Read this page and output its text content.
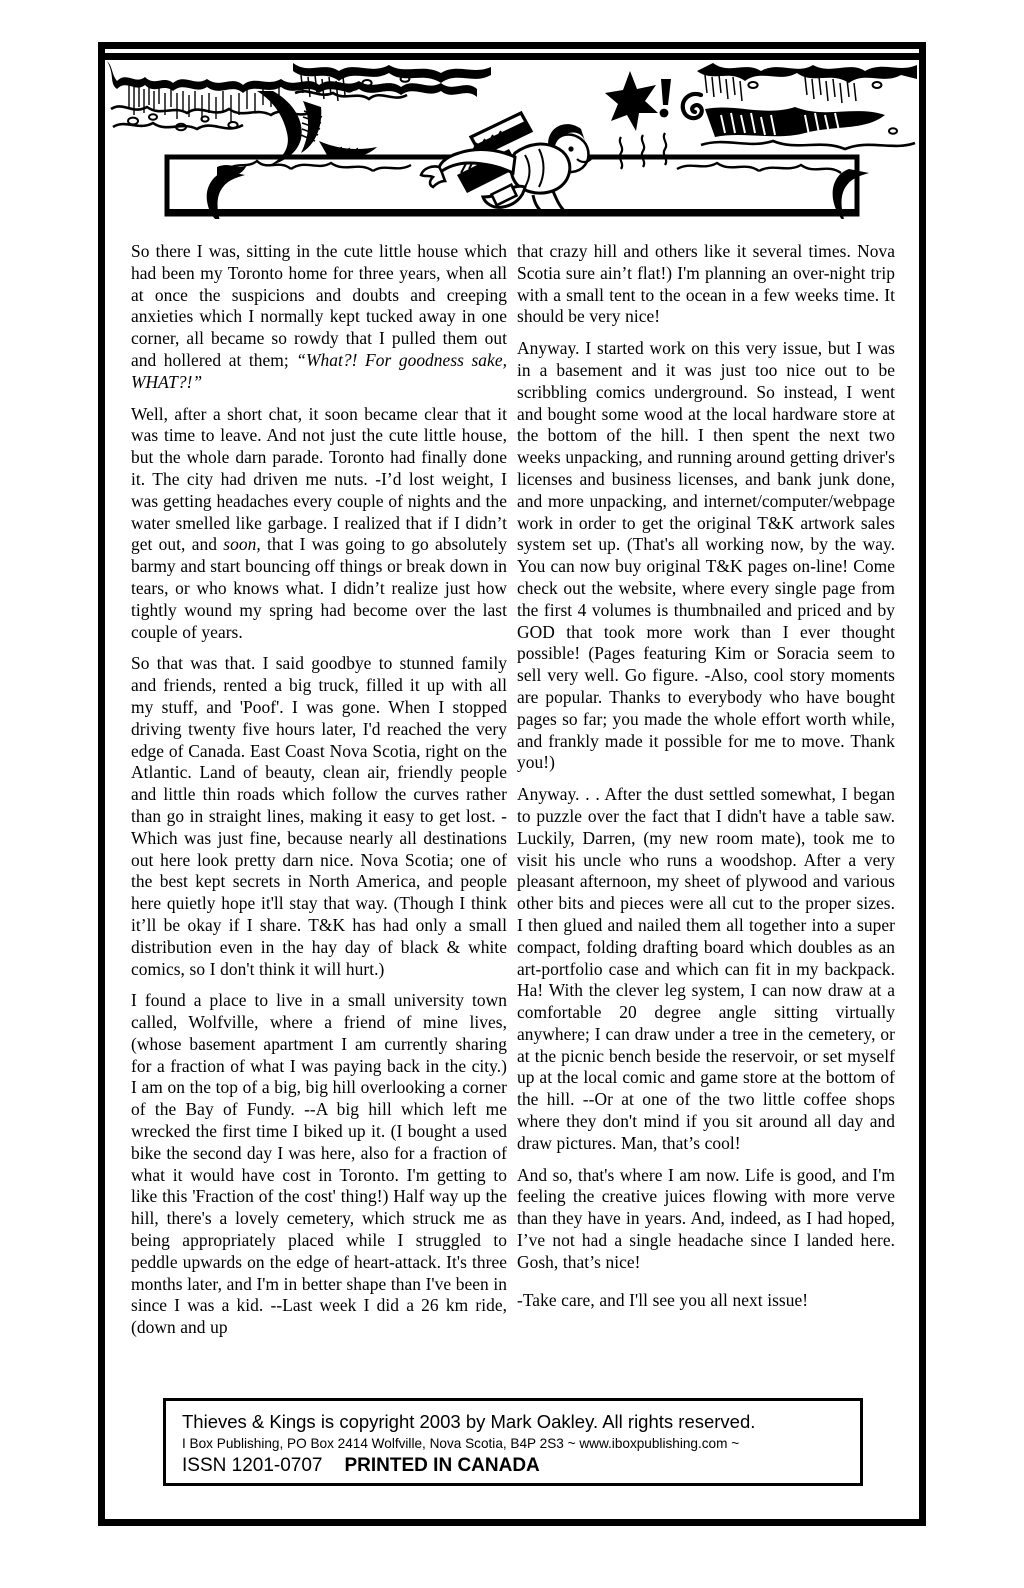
So there I was, sitting in the cute little house which had been my Toronto home for three years, when all at once the suspicions and doubts and creeping anxieties which I normally kept tucked away in one corner, all became so rowdy that I pulled them out and hollered at them; “What?! For goodness sake, WHAT?!”

Well, after a short chat, it soon became clear that it was time to leave. And not just the cute little house, but the whole darn parade. Toronto had finally done it. The city had driven me nuts. -I’d lost weight, I was getting headaches every couple of nights and the water smelled like garbage. I realized that if I didn’t get out, and soon, that I was going to go absolutely barmy and start bouncing off things or break down in tears, or who knows what. I didn’t realize just how tightly wound my spring had become over the last couple of years.

So that was that. I said goodbye to stunned family and friends, rented a big truck, filled it up with all my stuff, and 'Poof'. I was gone. When I stopped driving twenty five hours later, I'd reached the very edge of Canada. East Coast Nova Scotia, right on the Atlantic. Land of beauty, clean air, friendly people and little thin roads which follow the curves rather than go in straight lines, making it easy to get lost. -Which was just fine, because nearly all destinations out here look pretty darn nice. Nova Scotia; one of the best kept secrets in North America, and people here quietly hope it'll stay that way. (Though I think it’ll be okay if I share. T&K has had only a small distribution even in the hay day of black & white comics, so I don't think it will hurt.)

I found a place to live in a small university town called, Wolfville, where a friend of mine lives, (whose basement apartment I am currently sharing for a fraction of what I was paying back in the city.) I am on the top of a big, big hill overlooking a corner of the Bay of Fundy. --A big hill which left me wrecked the first time I biked up it. (I bought a used bike the second day I was here, also for a fraction of what it would have cost in Toronto. I'm getting to like this 'Fraction of the cost' thing!) Half way up the hill, there's a lovely cemetery, which struck me as being appropriately placed while I struggled to peddle upwards on the edge of heart-attack. It's three months later, and I'm in better shape than I've been in since I was a kid. --Last week I did a 26 km ride, (down and up

that crazy hill and others like it several times. Nova Scotia sure ain’t flat!) I'm planning an over-night trip with a small tent to the ocean in a few weeks time. It should be very nice!

Anyway. I started work on this very issue, but I was in a basement and it was just too nice out to be scribbling comics underground. So instead, I went and bought some wood at the local hardware store at the bottom of the hill. I then spent the next two weeks unpacking, and running around getting driver's licenses and business licenses, and bank junk done, and more unpacking, and internet/computer/webpage work in order to get the original T&K artwork sales system set up. (That's all working now, by the way. You can now buy original T&K pages on-line! Come check out the website, where every single page from the first 4 volumes is thumbnailed and priced and by GOD that took more work than I ever thought possible! (Pages featuring Kim or Soracia seem to sell very well. Go figure. -Also, cool story moments are popular. Thanks to everybody who have bought pages so far; you made the whole effort worth while, and frankly made it possible for me to move. Thank you!)

Anyway. . . After the dust settled somewhat, I began to puzzle over the fact that I didn't have a table saw. Luckily, Darren, (my new room mate), took me to visit his uncle who runs a woodshop. After a very pleasant afternoon, my sheet of plywood and various other bits and pieces were all cut to the proper sizes. I then glued and nailed them all together into a super compact, folding drafting board which doubles as an art-portfolio case and which can fit in my backpack. Ha! With the clever leg system, I can now draw at a comfortable 20 degree angle sitting virtually anywhere; I can draw under a tree in the cemetery, or at the picnic bench beside the reservoir, or set myself up at the local comic and game store at the bottom of the hill. --Or at one of the two little coffee shops where they don't mind if you sit around all day and draw pictures. Man, that’s cool!

And so, that's where I am now. Life is good, and I'm feeling the creative juices flowing with more verve than they have in years. And, indeed, as I had hoped, I’ve not had a single headache since I landed here. Gosh, that’s nice!

-Take care, and I'll see you all next issue!

Thieves & Kings is copyright 2003 by Mark Oakley. All rights reserved.
I Box Publishing, PO Box 2414 Wolfville, Nova Scotia, B4P 2S3 ~ www.iboxpublishing.com ~
ISSN 1201-0707 PRINTED IN CANADA
